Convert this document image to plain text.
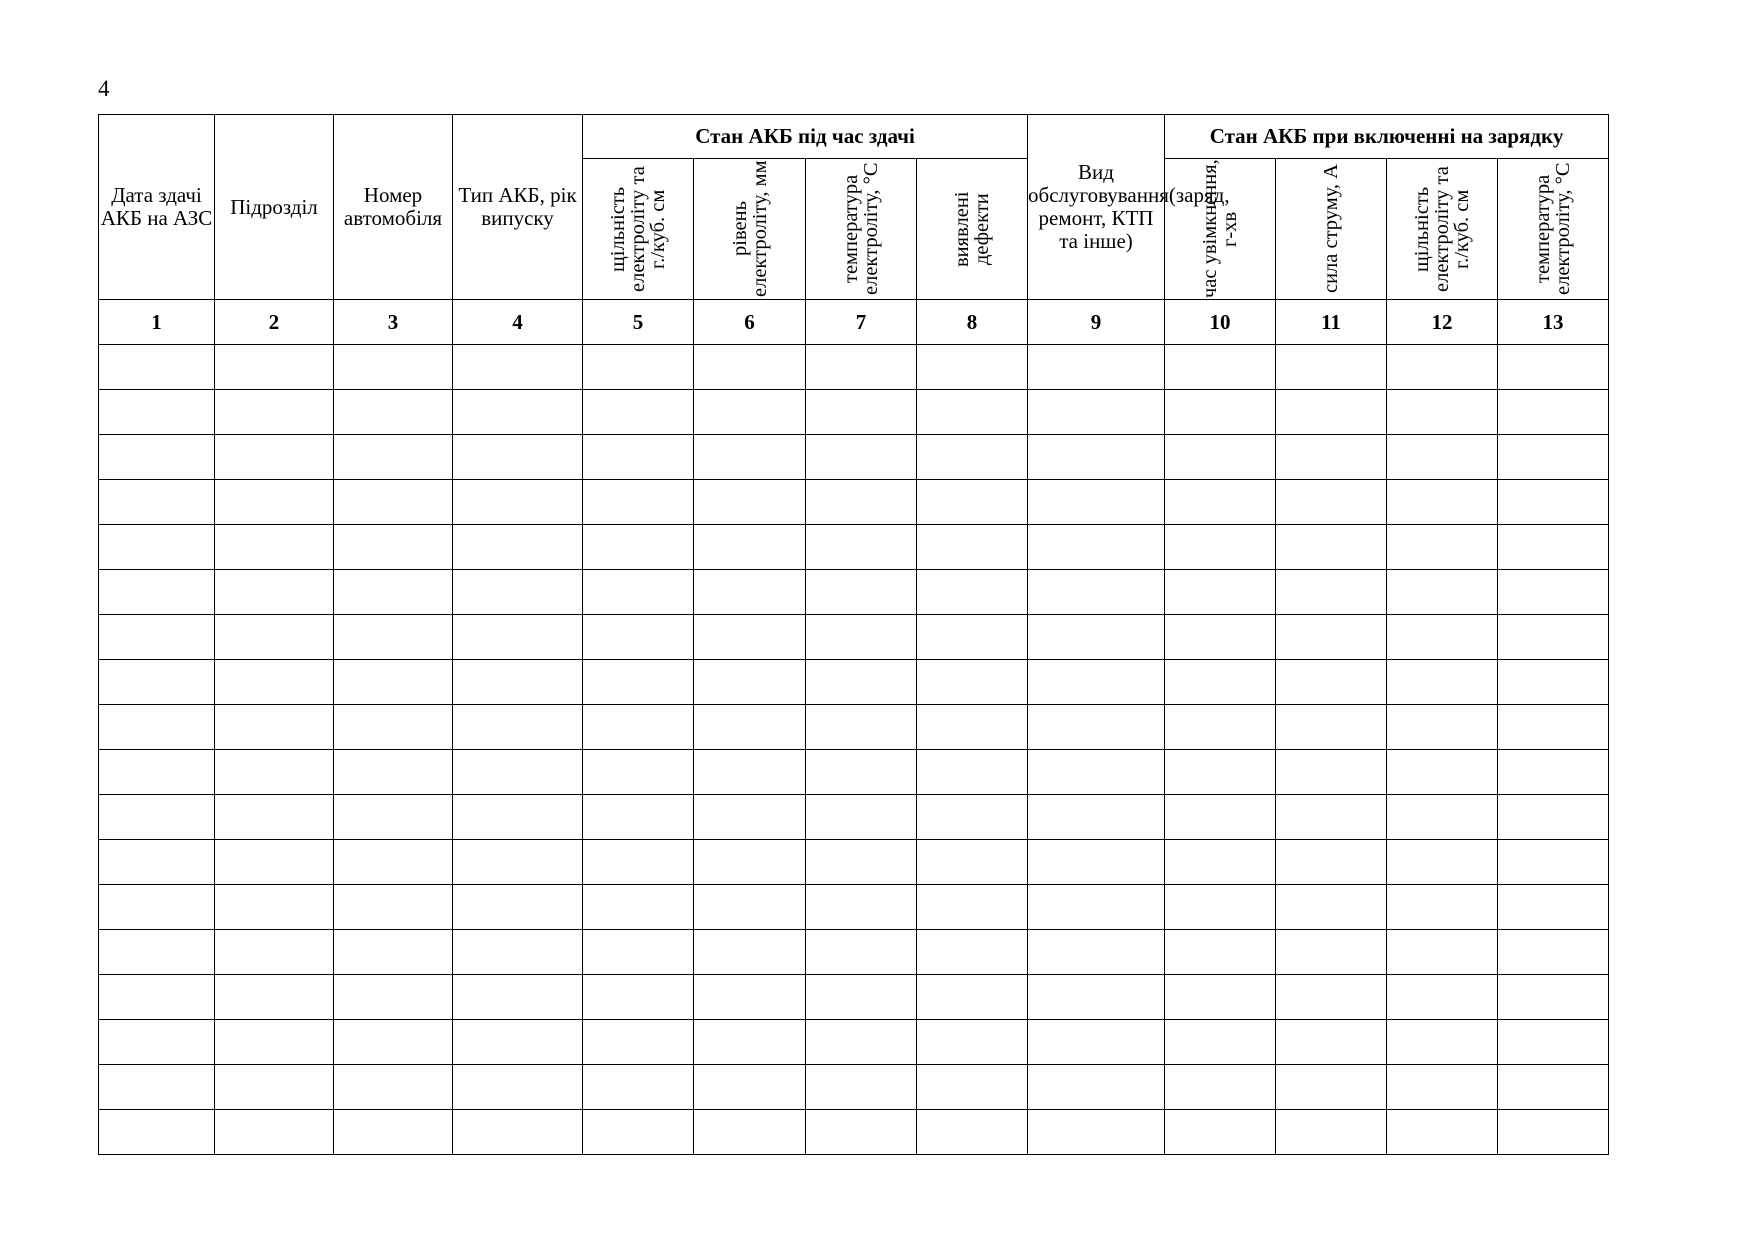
4
Дата здачі АКБ на АЗС	Підрозділ	Номер автомобіля	Тип АКБ, рік випуску	Стан АКБ під час здачі				Вид обслуговування(заряд, ремонт, КТП та інше)	Стан АКБ при включенні на зарядку			

				щільність електроліту та г./куб. см	рівень електроліту, мм	температура електроліту, °С	виявлені дефекти		час увімкнення, г-хв	сила струму, А	щільність електроліту та г./куб. см	температура електроліту, °С

1	2	3	4	5	6	7	8	9	10	11	12	13
